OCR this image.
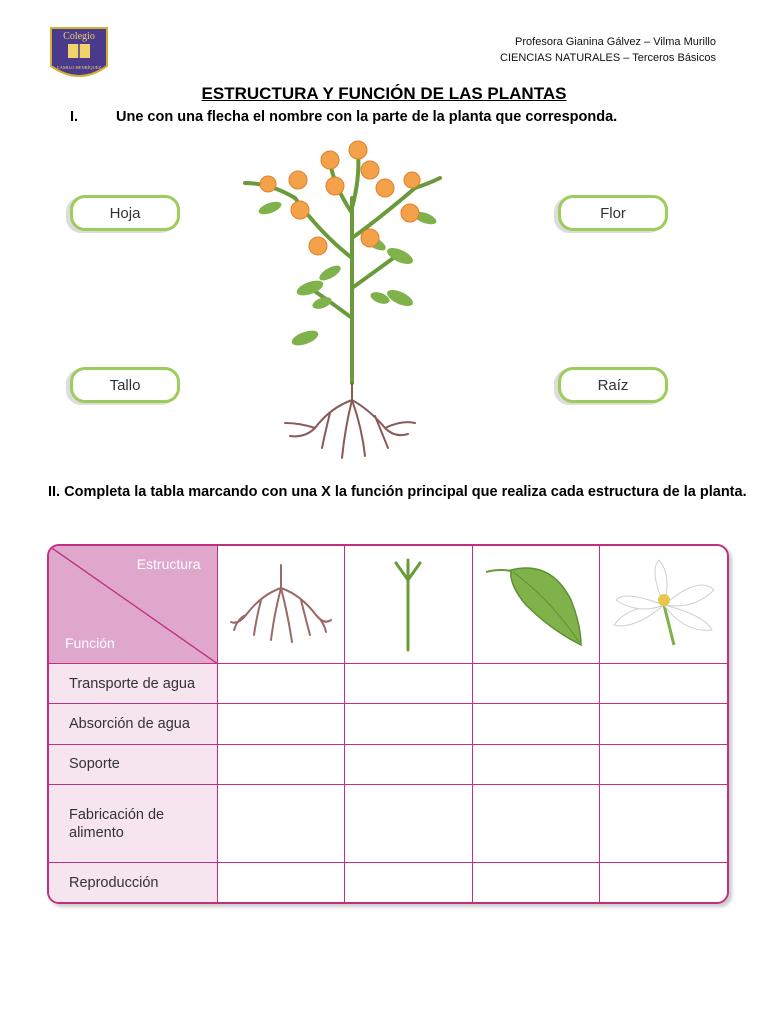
Colegio
CAMILO HENRÍQUEZ
Profesora Gianina Gálvez – Vilma Murillo
CIENCIAS NATURALES – Terceros Básicos
ESTRUCTURA Y FUNCIÓN DE LAS PLANTAS
I.	Une con una flecha el nombre con la parte de la planta que corresponda.
Hoja	Flor
Tallo	Raíz
II. Completa la tabla marcando con una X la función principal que realiza cada estructura de la planta.
Estructura
Función

Transporte de agua				
Absorción de agua				
Soporte				
Fabricación de alimento				
Reproducción				
